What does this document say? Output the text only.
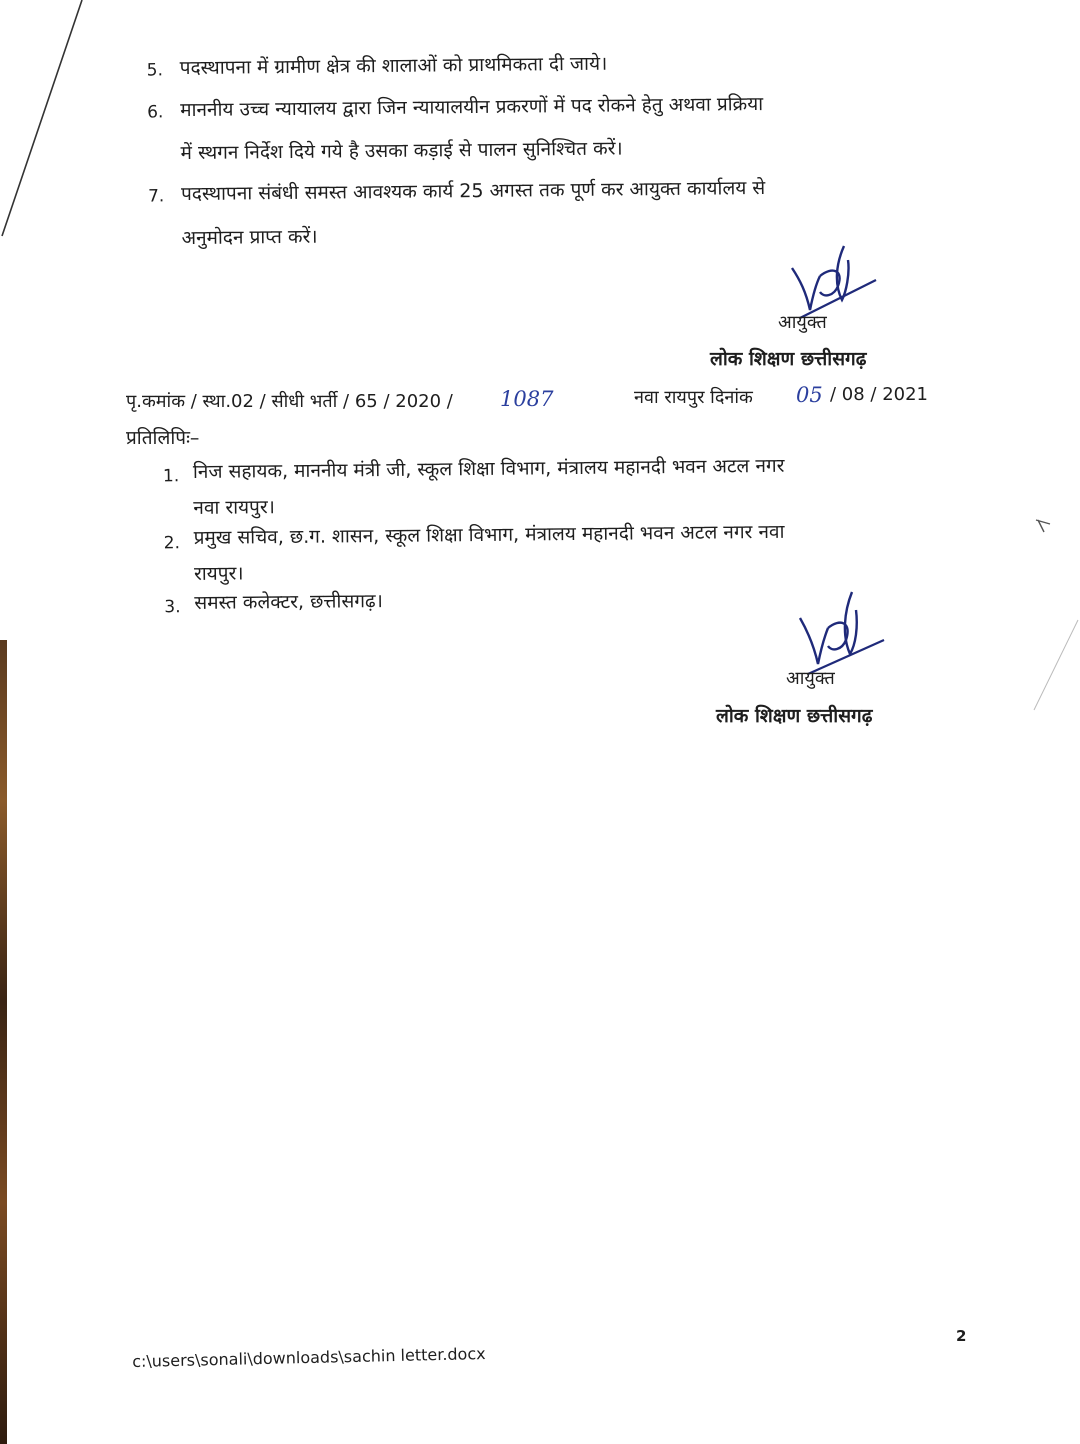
5. पदस्थापना में ग्रामीण क्षेत्र की शालाओं को प्राथमिकता दी जाये।
6. माननीय उच्च न्यायालय द्वारा जिन न्यायालयीन प्रकरणों में पद रोकने हेतु अथवा प्रक्रिया
में स्थगन निर्देश दिये गये है उसका कड़ाई से पालन सुनिश्चित करें।
7. पदस्थापना संबंधी समस्त आवश्यक कार्य 25 अगस्त तक पूर्ण कर आयुक्त कार्यालय से
अनुमोदन प्राप्त करें।
आयुक्त
लोक शिक्षण छत्तीसगढ़
पृ.कमांक / स्था.02 / सीधी भर्ती / 65 / 2020 / 1087	नवा रायपुर दिनांक 05 / 08 / 2021
प्रतिलिपिः–
1. निज सहायक, माननीय मंत्री जी, स्कूल शिक्षा विभाग, मंत्रालय महानदी भवन अटल नगर
नवा रायपुर।
2. प्रमुख सचिव, छ.ग. शासन, स्कूल शिक्षा विभाग, मंत्रालय महानदी भवन अटल नगर नवा
रायपुर।
3. समस्त कलेक्टर, छत्तीसगढ़।
आयुक्त
लोक शिक्षण छत्तीसगढ़
2
c:\users\sonali\downloads\sachin letter.docx
